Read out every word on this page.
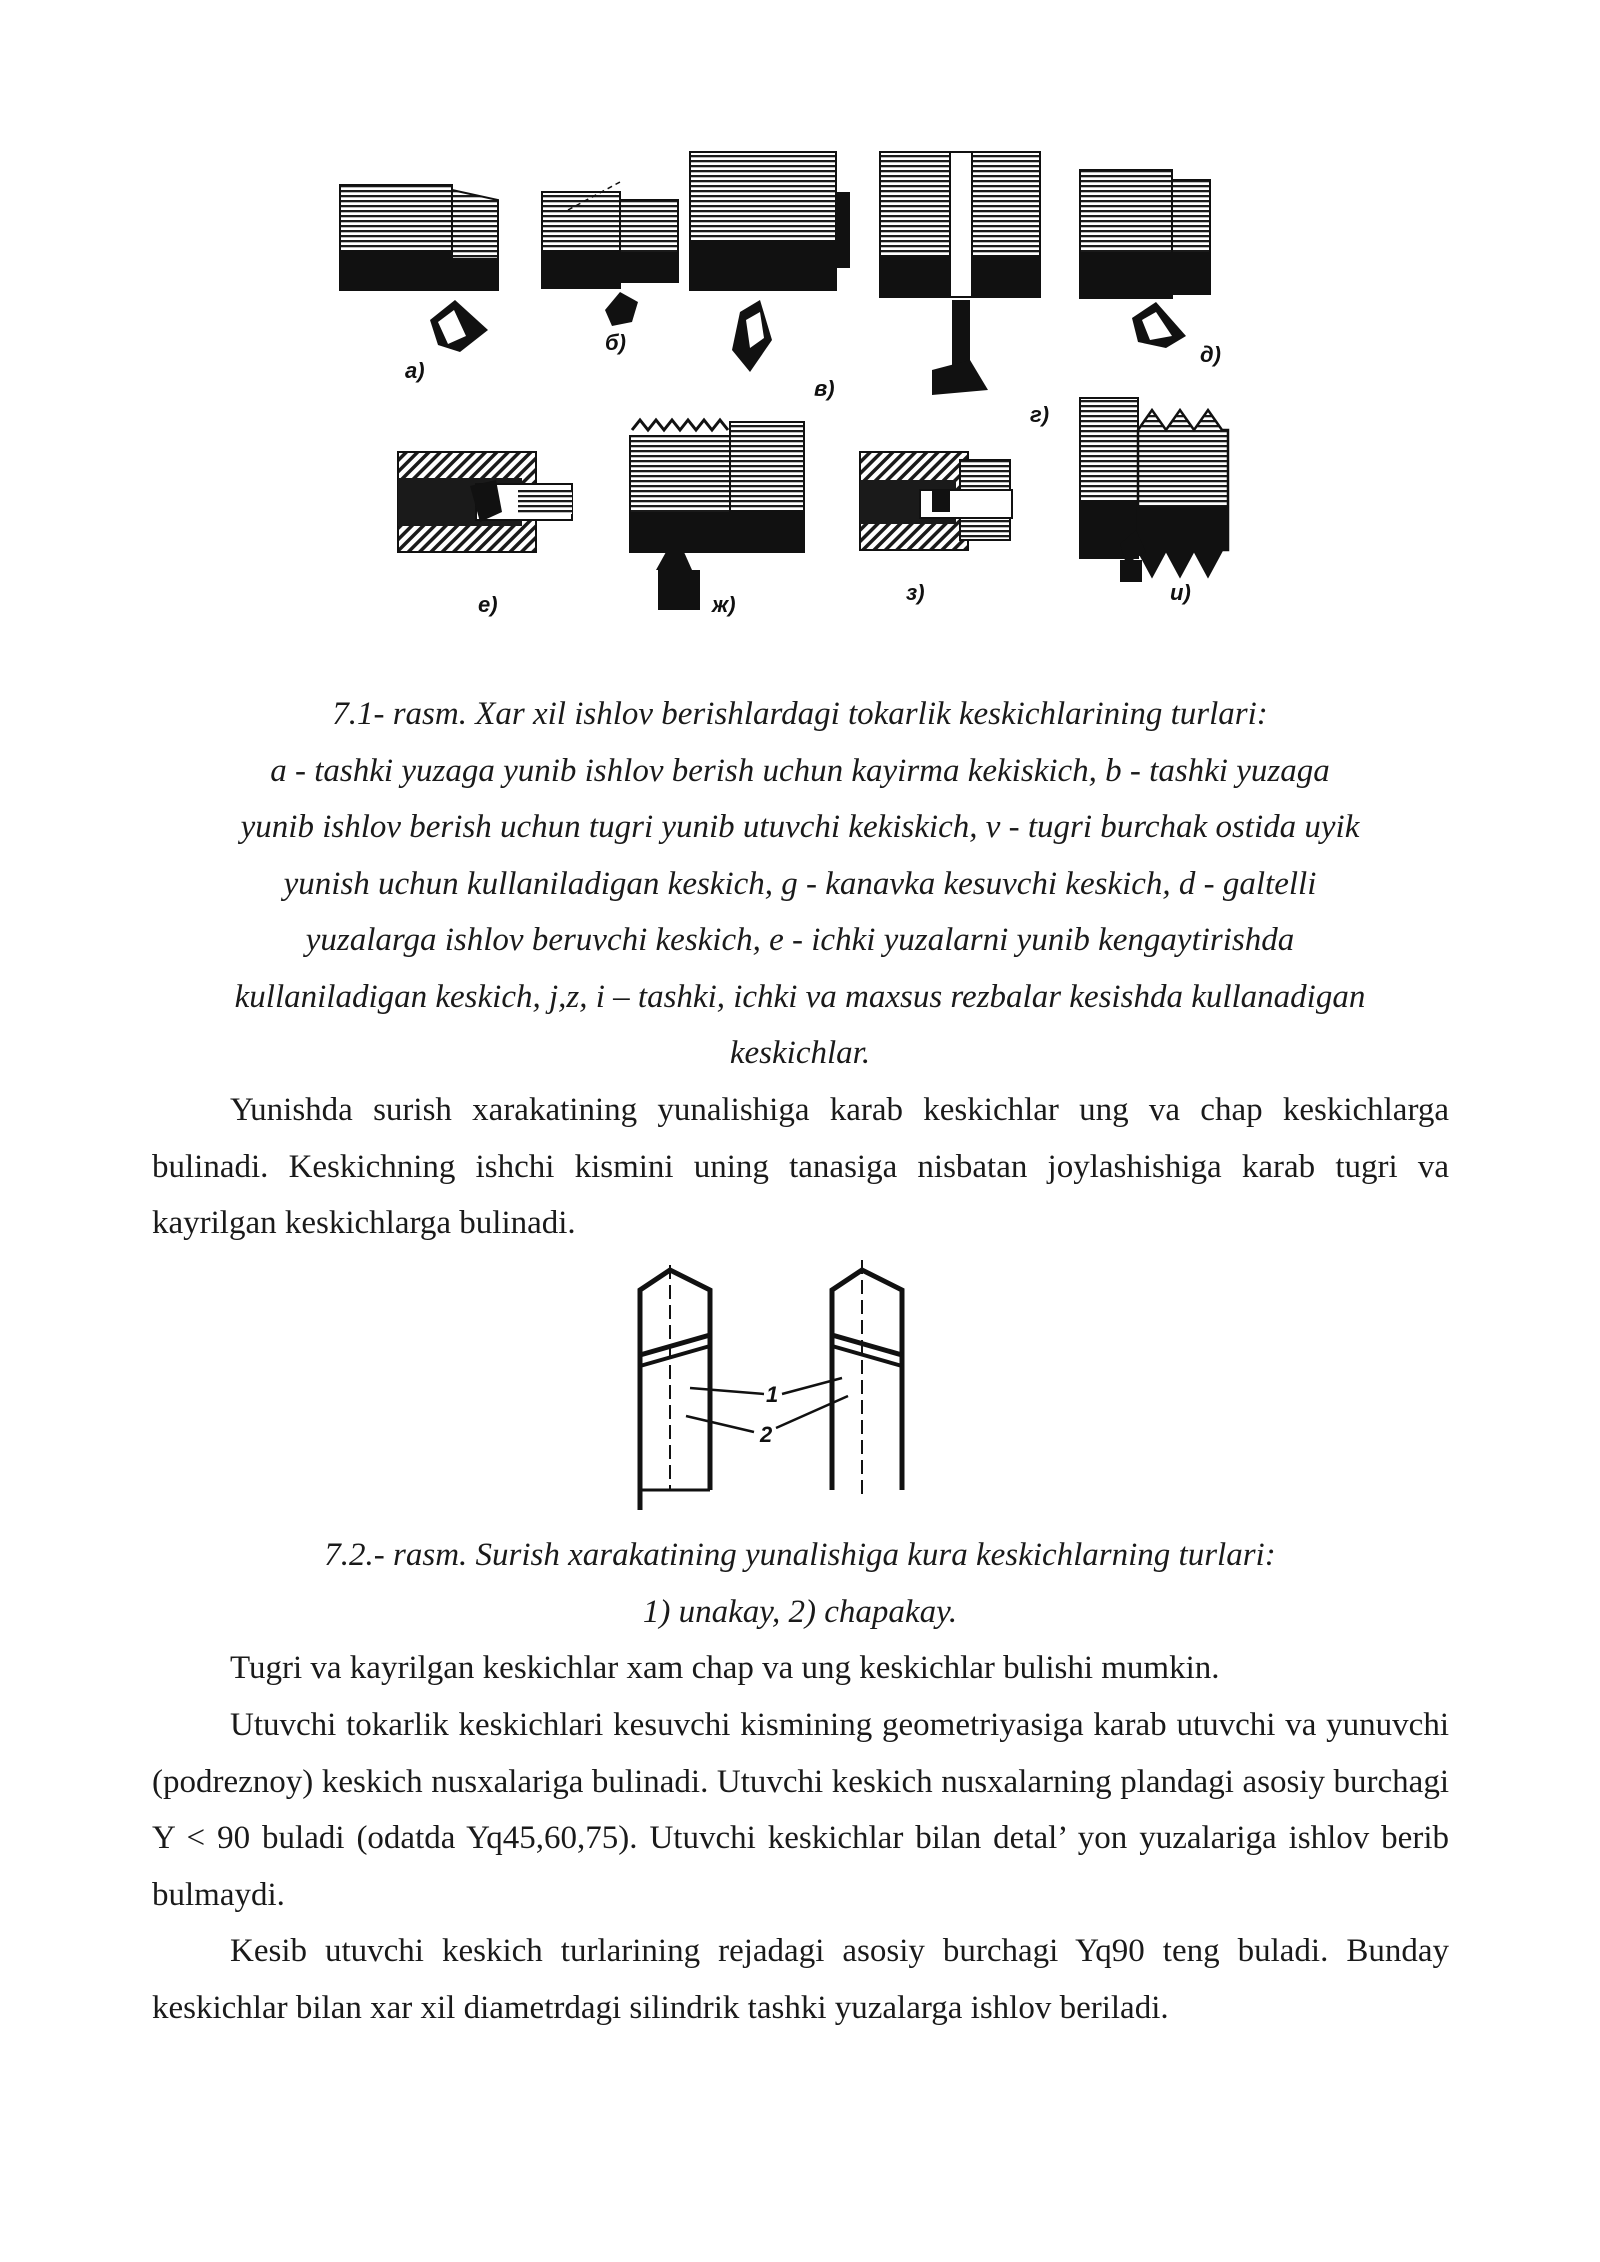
а)
б)
в)
г)
д)
е)	ж)	з)	и)
7.1- rasm. Xar xil ishlov berishlardagi tokarlik keskichlarining turlari:
a - tashki yuzaga yunib ishlov berish uchun kayirma kekiskich, b - tashki yuzaga
yunib ishlov berish uchun tugri yunib utuvchi kekiskich, v - tugri burchak ostida uyik
yunish uchun kullaniladigan keskich, g - kanavka kesuvchi keskich, d - galtelli
yuzalarga ishlov beruvchi keskich, e - ichki yuzalarni yunib kengaytirishda
kullaniladigan keskich, j,z, i – tashki, ichki va maxsus rezbalar kesishda kullanadigan
keskichlar.

Yunishda surish xarakatining yunalishiga karab keskichlar ung va chap keskichlarga bulinadi. Keskichning ishchi kismini uning tanasiga nisbatan joylashishiga karab tugri va kayrilgan keskichlarga bulinadi.

1
2
7.2.- rasm. Surish xarakatining yunalishiga kura keskichlarning turlari:
1) unakay, 2) chapakay.

Tugri va kayrilgan keskichlar xam chap va ung keskichlar bulishi mumkin.

Utuvchi tokarlik keskichlari kesuvchi kismining geometriyasiga karab utuvchi va yunuvchi (podreznoy) keskich nusxalariga bulinadi. Utuvchi keskich nusxalarning plandagi asosiy burchagi Y < 90 buladi (odatda Yq45,60,75). Utuvchi keskichlar bilan detal’ yon yuzalariga ishlov berib bulmaydi.

Kesib utuvchi keskich turlarining rejadagi asosiy burchagi Yq90 teng buladi. Bunday keskichlar bilan xar xil diametrdagi silindrik tashki yuzalarga ishlov beriladi.
